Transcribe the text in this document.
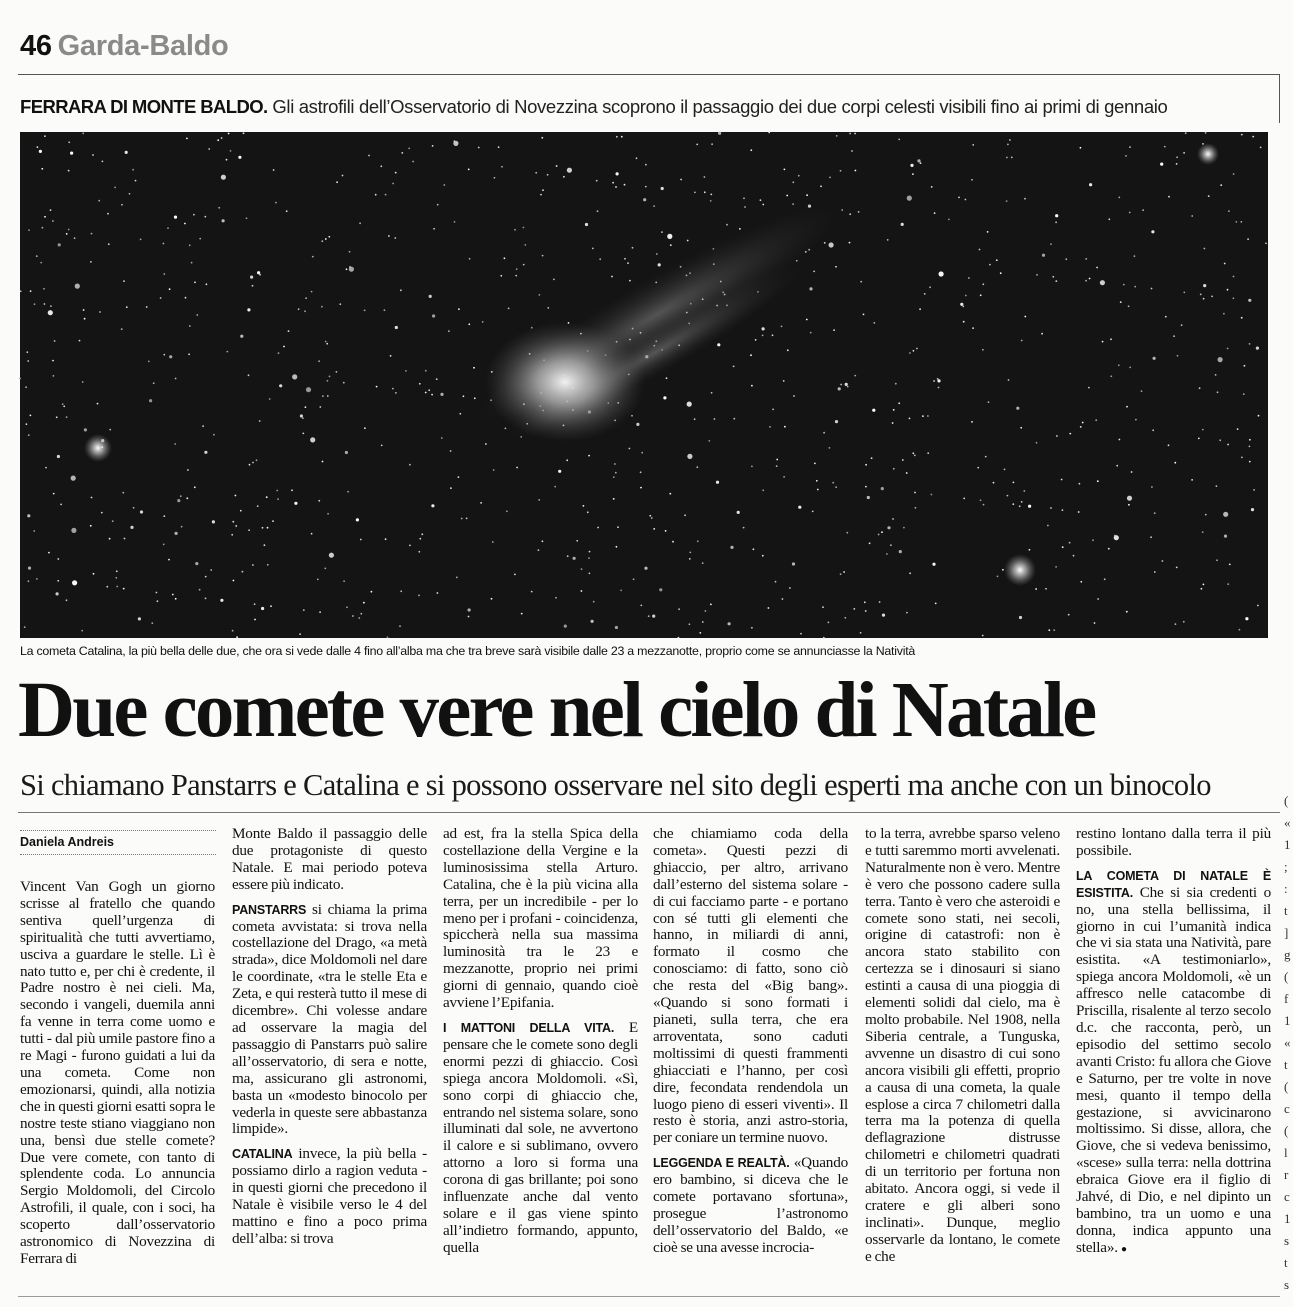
46 Garda-Baldo
FERRARA DI MONTE BALDO. Gli astrofili dell’Osservatorio di Novezzina scoprono il passaggio dei due corpi celesti visibili fino ai primi di gennaio
La cometa Catalina, la più bella delle due, che ora si vede dalle 4 fino all’alba ma che tra breve sarà visibile dalle 23 a mezzanotte, proprio come se annunciasse la Natività
Due comete vere nel cielo di Natale
Si chiamano Panstarrs e Catalina e si possono osservare nel sito degli esperti ma anche con un binocolo
Daniela Andreis

Vincent Van Gogh un giorno scrisse al fratello che quando sentiva quell’urgenza di spiritualità che tutti avvertiamo, usciva a guardare le stelle. Lì è nato tutto e, per chi è credente, il Padre nostro è nei cieli. Ma, secondo i vangeli, duemila anni fa venne in terra come uomo e tutti - dal più umile pastore fino a re Magi - furono guidati a lui da una cometa. Come non emozionarsi, quindi, alla notizia che in questi giorni esatti sopra le nostre teste stiano viaggiano non una, bensì due stelle comete? Due vere comete, con tanto di splendente coda. Lo annuncia Sergio Moldomoli, del Circolo Astrofili, il quale, con i soci, ha scoperto dall’osservatorio astronomico di Novezzina di Ferrara di

Monte Baldo il passaggio delle due protagoniste di questo Natale. E mai periodo poteva essere più indicato.

PANSTARRS si chiama la prima cometa avvistata: si trova nella costellazione del Drago, «a metà strada», dice Moldomoli nel dare le coordinate, «tra le stelle Eta e Zeta, e qui resterà tutto il mese di dicembre». Chi volesse andare ad osservare la magia del passaggio di Panstarrs può salire all’osservatorio, di sera e notte, ma, assicurano gli astronomi, basta un «modesto binocolo per vederla in queste sere abbastanza limpide».

CATALINA invece, la più bella - possiamo dirlo a ragion veduta - in questi giorni che precedono il Natale è visibile verso le 4 del mattino e fino a poco prima dell’alba: si trova

ad est, fra la stella Spica della costellazione della Vergine e la luminosissima stella Arturo. Catalina, che è la più vicina alla terra, per un incredibile - per lo meno per i profani - coincidenza, spiccherà nella sua massima luminosità tra le 23 e mezzanotte, proprio nei primi giorni di gennaio, quando cioè avviene l’Epifania.

I MATTONI DELLA VITA. E pensare che le comete sono degli enormi pezzi di ghiaccio. Così spiega ancora Moldomoli. «Sì, sono corpi di ghiaccio che, entrando nel sistema solare, sono illuminati dal sole, ne avvertono il calore e si sublimano, ovvero attorno a loro si forma una corona di gas brillante; poi sono influenzate anche dal vento solare e il gas viene spinto all’indietro formando, appunto, quella

che chiamiamo coda della cometa». Questi pezzi di ghiaccio, per altro, arrivano dall’esterno del sistema solare - di cui facciamo parte - e portano con sé tutti gli elementi che hanno, in miliardi di anni, formato il cosmo che conosciamo: di fatto, sono ciò che resta del «Big bang». «Quando si sono formati i pianeti, sulla terra, che era arroventata, sono caduti moltissimi di questi frammenti ghiacciati e l’hanno, per così dire, fecondata rendendola un luogo pieno di esseri viventi». Il resto è storia, anzi astro-storia, per coniare un termine nuovo.

LEGGENDA E REALTÀ. «Quando ero bambino, si diceva che le comete portavano sfortuna», prosegue l’astronomo dell’osservatorio del Baldo, «e cioè se una avesse incrocia-

to la terra, avrebbe sparso veleno e tutti saremmo morti avvelenati. Naturalmente non è vero. Mentre è vero che possono cadere sulla terra. Tanto è vero che asteroidi e comete sono stati, nei secoli, origine di catastrofi: non è ancora stato stabilito con certezza se i dinosauri si siano estinti a causa di una pioggia di elementi solidi dal cielo, ma è molto probabile. Nel 1908, nella Siberia centrale, a Tunguska, avvenne un disastro di cui sono ancora visibili gli effetti, proprio a causa di una cometa, la quale esplose a circa 7 chilometri dalla terra ma la potenza di quella deflagrazione distrusse chilometri e chilometri quadrati di un territorio per fortuna non abitato. Ancora oggi, si vede il cratere e gli alberi sono inclinati». Dunque, meglio osservarle da lontano, le comete e che

restino lontano dalla terra il più possibile.

LA COMETA DI NATALE È ESISTITA. Che si sia credenti o no, una stella bellissima, il giorno in cui l’umanità indica che vi sia stata una Natività, pare esistita. «A testimoniarlo», spiega ancora Moldomoli, «è un affresco nelle catacombe di Priscilla, risalente al terzo secolo d.c. che racconta, però, un episodio del settimo secolo avanti Cristo: fu allora che Giove e Saturno, per tre volte in nove mesi, quanto il tempo della gestazione, si avvicinarono moltissimo. Si disse, allora, che Giove, che si vedeva benissimo, «scese» sulla terra: nella dottrina ebraica Giove era il figlio di Jahvé, di Dio, e nel dipinto un bambino, tra un uomo e una donna, indica appunto una stella». ●

( « 1 ; : t ] g ( f 1 « t ( c ( l r c 1 s t s
